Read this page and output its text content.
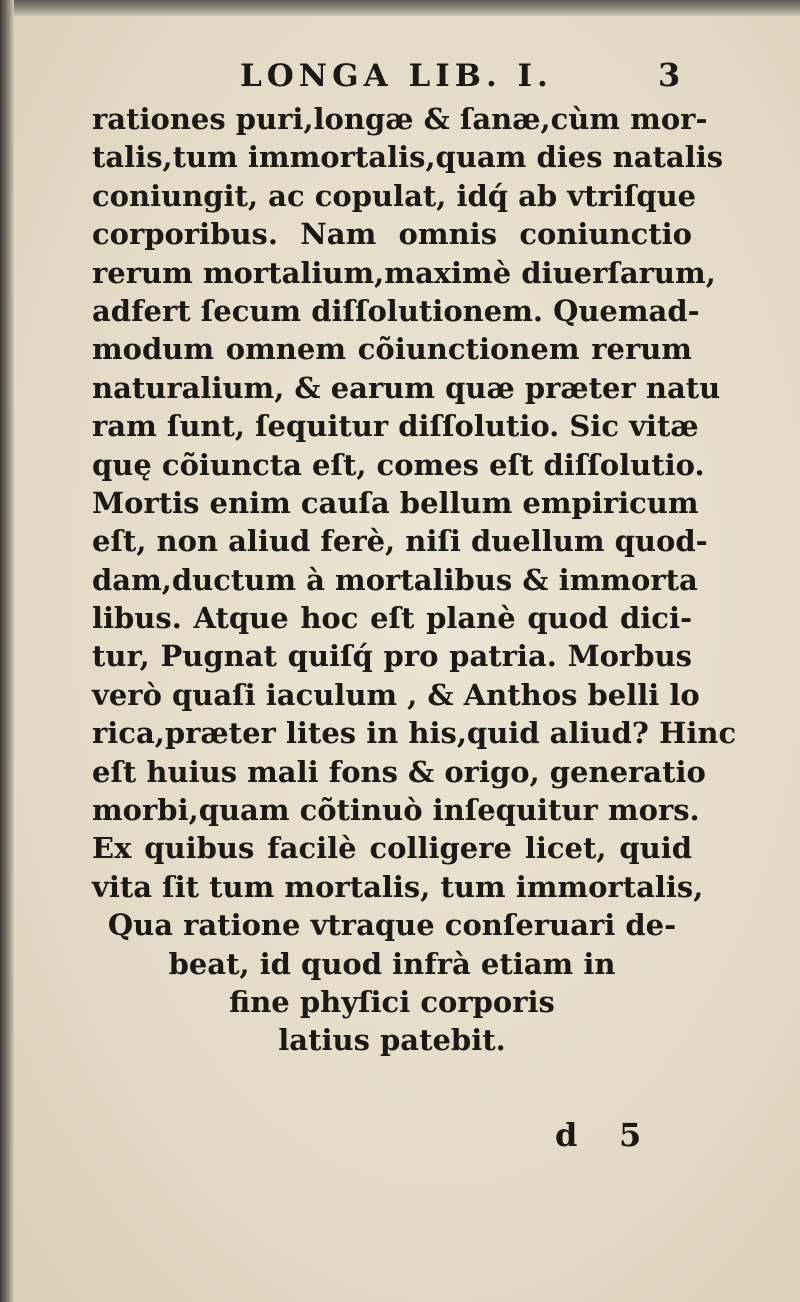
LONGA LIB. I.	3
rationes puri,longæ & ſanæ,cùm mor-
talis,tum immortalis,quam dies natalis
coniungit, ac copulat, idq́ ab vtriſque
corporibus. Nam omnis coniunctio
rerum mortalium,maximè diuerſarum,
adfert ſecum diſſolutionem. Quemad-
modum omnem cõiunctionem rerum
naturalium, & earum quæ præter natu
ram ſunt, ſequitur diſſolutio. Sic vitæ
quę cõiuncta eſt, comes eſt diſſolutio.
Mortis enim cauſa bellum empiricum
eſt, non aliud ferè, niſi duellum quod-
dam,ductum à mortalibus & immorta
libus. Atque hoc eſt planè quod dici-
tur, Pugnat quiſq́ pro patria. Morbus
verò quaſi iaculum , & Anthos belli lo
rica,præter lites in his,quid aliud? Hinc
eſt huius mali fons & origo, generatio
morbi,quam cõtinuò inſequitur mors.
Ex quibus facilè colligere licet, quid
vita ſit tum mortalis, tum immortalis,
Qua ratione vtraque conſeruari de-
beat, id quod infrà etiam in
fine phyſici corporis
latius patebit.
d 5
